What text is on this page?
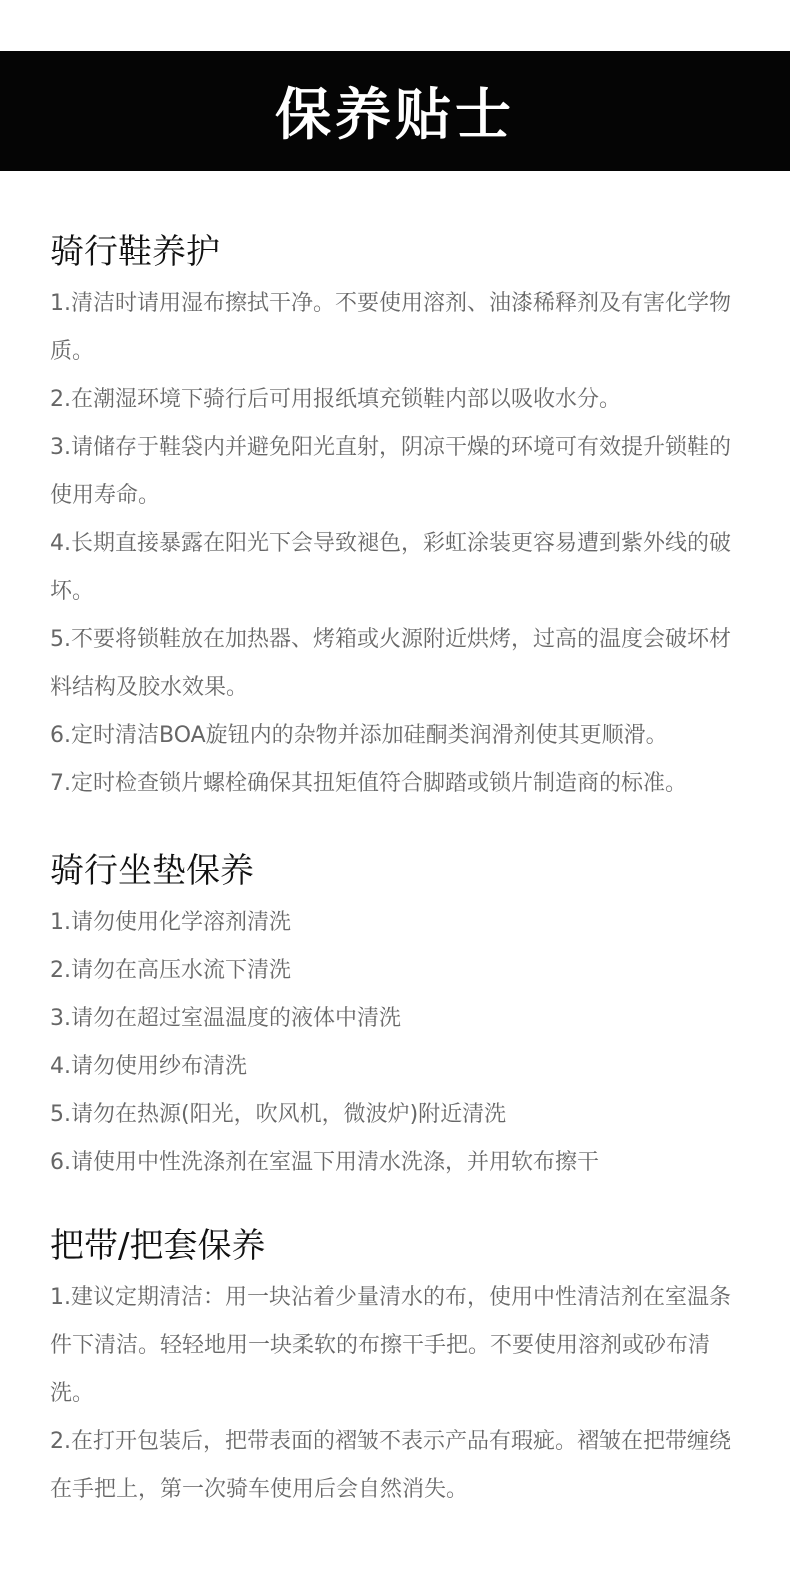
保养贴士
骑行鞋养护

1.清洁时请用湿布擦拭干净。不要使用溶剂、油漆稀释剂及有害化学物质。

2.在潮湿环境下骑行后可用报纸填充锁鞋内部以吸收水分。

3.请储存于鞋袋内并避免阳光直射，阴凉干燥的环境可有效提升锁鞋的使用寿命。

4.长期直接暴露在阳光下会导致褪色，彩虹涂装更容易遭到紫外线的破坏。

5.不要将锁鞋放在加热器、烤箱或火源附近烘烤，过高的温度会破坏材料结构及胶水效果。

6.定时清洁BOA旋钮内的杂物并添加硅酮类润滑剂使其更顺滑。

7.定时检查锁片螺栓确保其扭矩值符合脚踏或锁片制造商的标准。

骑行坐垫保养

1.请勿使用化学溶剂清洗

2.请勿在高压水流下清洗

3.请勿在超过室温温度的液体中清洗

4.请勿使用纱布清洗

5.请勿在热源(阳光，吹风机，微波炉)附近清洗

6.请使用中性洗涤剂在室温下用清水洗涤，并用软布擦干

把带/把套保养

1.建议定期清洁：用一块沾着少量清水的布，使用中性清洁剂在室温条件下清洁。轻轻地用一块柔软的布擦干手把。不要使用溶剂或砂布清洗。

2.在打开包装后，把带表面的褶皱不表示产品有瑕疵。褶皱在把带缠绕在手把上，第一次骑车使用后会自然消失。
